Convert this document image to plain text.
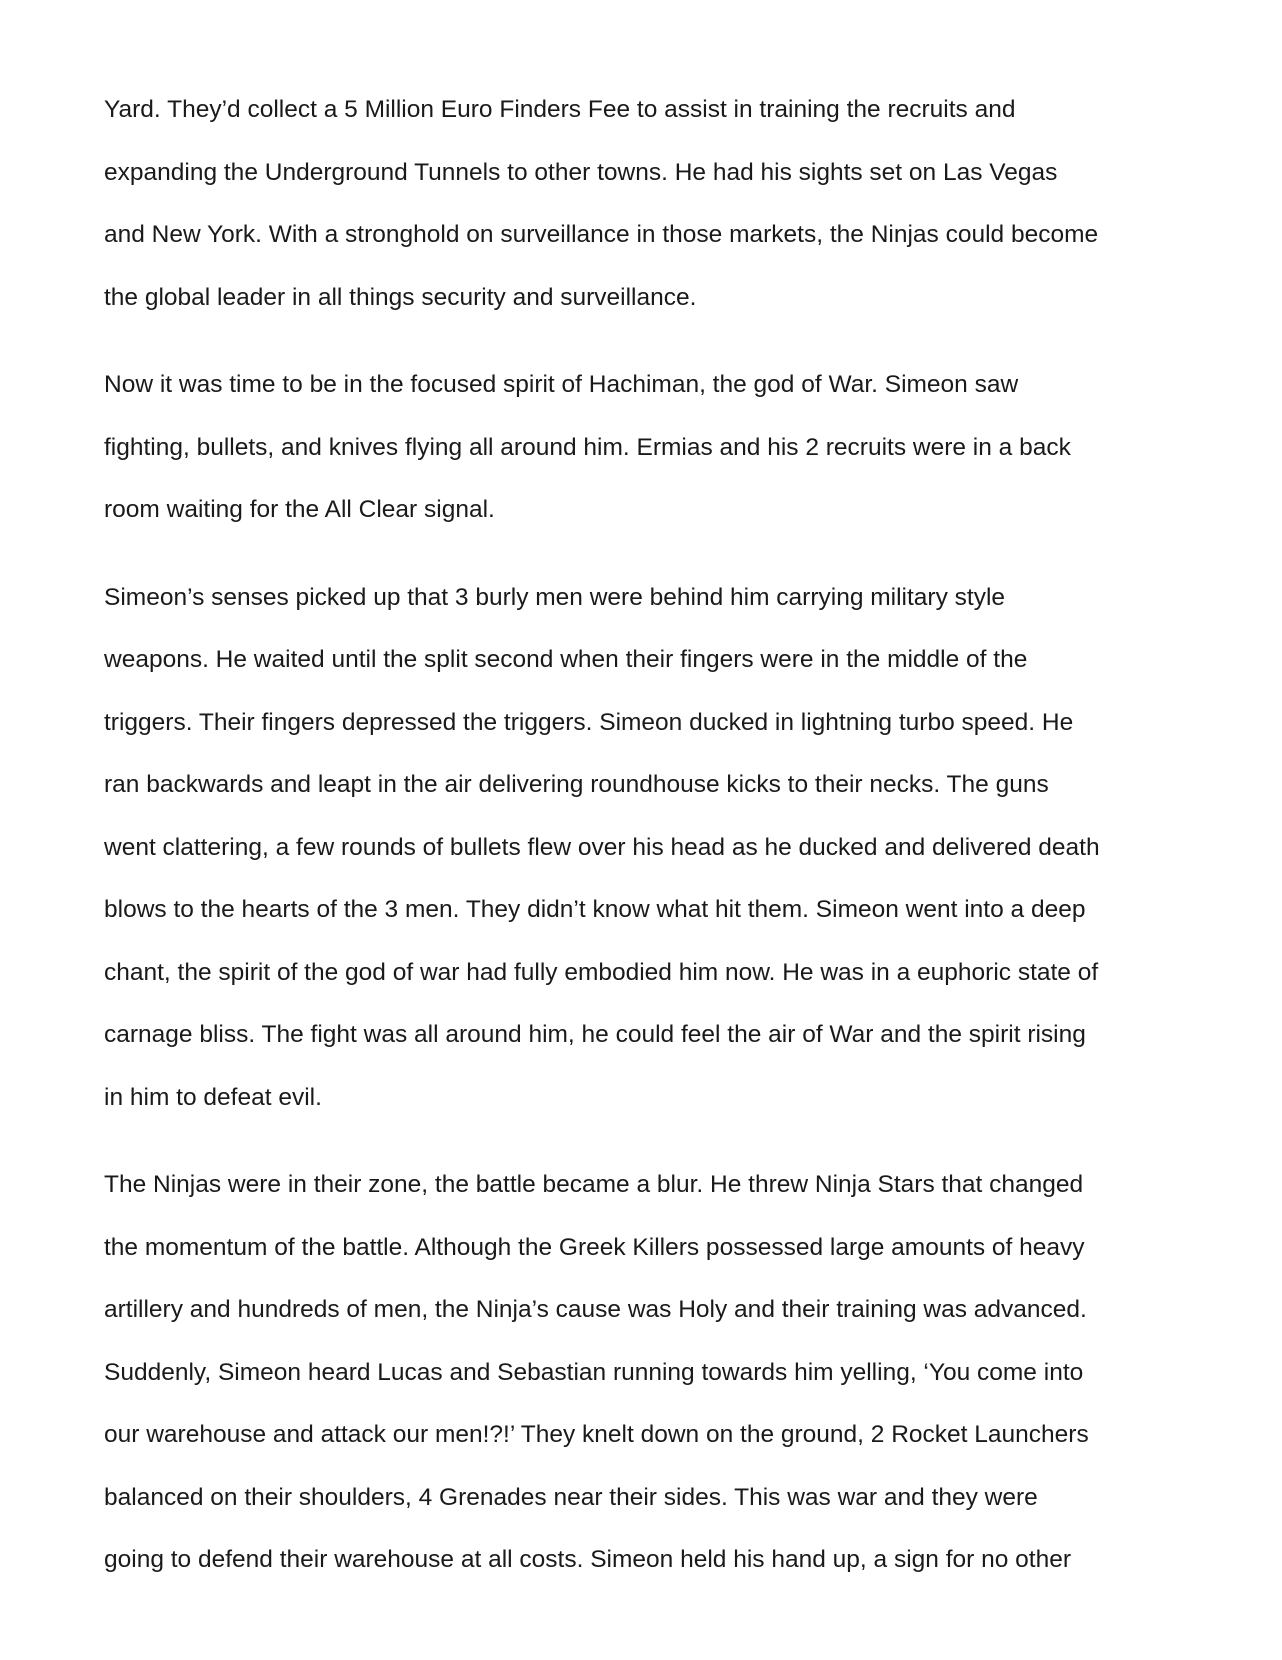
Yard. They’d collect a 5 Million Euro Finders Fee to assist in training the recruits and
expanding the Underground Tunnels to other towns. He had his sights set on Las Vegas
and New York. With a stronghold on surveillance in those markets, the Ninjas could become
the global leader in all things security and surveillance.

Now it was time to be in the focused spirit of Hachiman, the god of War. Simeon saw
fighting, bullets, and knives flying all around him. Ermias and his 2 recruits were in a back
room waiting for the All Clear signal.

Simeon’s senses picked up that 3 burly men were behind him carrying military style
weapons. He waited until the split second when their fingers were in the middle of the
triggers. Their fingers depressed the triggers. Simeon ducked in lightning turbo speed. He
ran backwards and leapt in the air delivering roundhouse kicks to their necks. The guns
went clattering, a few rounds of bullets flew over his head as he ducked and delivered death
blows to the hearts of the 3 men. They didn’t know what hit them. Simeon went into a deep
chant, the spirit of the god of war had fully embodied him now. He was in a euphoric state of
carnage bliss. The fight was all around him, he could feel the air of War and the spirit rising
in him to defeat evil.

The Ninjas were in their zone, the battle became a blur. He threw Ninja Stars that changed
the momentum of the battle. Although the Greek Killers possessed large amounts of heavy
artillery and hundreds of men, the Ninja’s cause was Holy and their training was advanced.
Suddenly, Simeon heard Lucas and Sebastian running towards him yelling, ‘You come into
our warehouse and attack our men!?!’ They knelt down on the ground, 2 Rocket Launchers
balanced on their shoulders, 4 Grenades near their sides. This was war and they were
going to defend their warehouse at all costs. Simeon held his hand up, a sign for no other
